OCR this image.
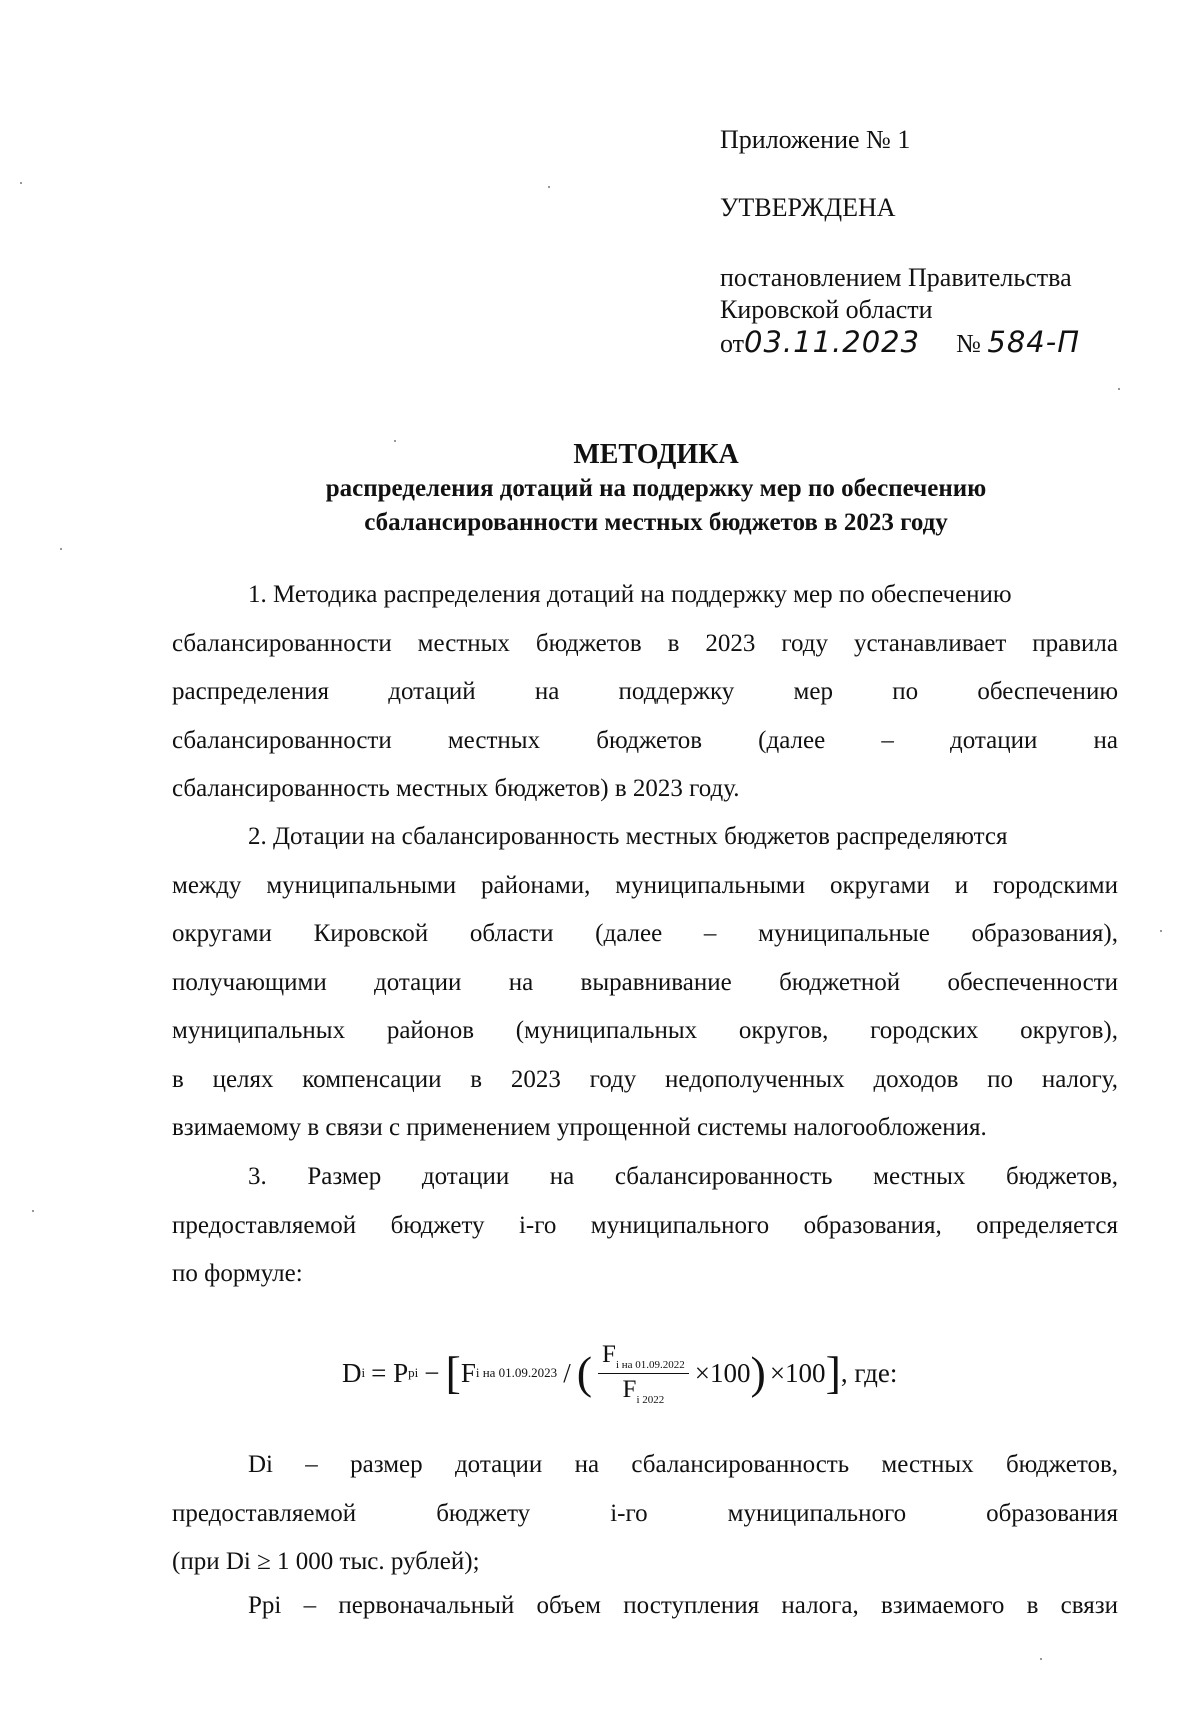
Приложение № 1
УТВЕРЖДЕНА
постановлением Правительства
Кировской области
от03.11.2023 № 584-П
МЕТОДИКА
распределения дотаций на поддержку мер по обеспечению
сбалансированности местных бюджетов в 2023 году
1. Методика распределения дотаций на поддержку мер по обеспечению
сбалансированности местных бюджетов в 2023 году устанавливает правила
распределения дотаций на поддержку мер по обеспечению
сбалансированности местных бюджетов (далее – дотации на
сбалансированность местных бюджетов) в 2023 году.
2. Дотации на сбалансированность местных бюджетов распределяются
между муниципальными районами, муниципальными округами и городскими
округами Кировской области (далее – муниципальные образования),
получающими дотации на выравнивание бюджетной обеспеченности
муниципальных районов (муниципальных округов, городских округов),
в целях компенсации в 2023 году недополученных доходов по налогу,
взимаемому в связи с применением упрощенной системы налогообложения.
3. Размер дотации на сбалансированность местных бюджетов,
предоставляемой бюджету i-го муниципального образования, определяется
по формуле:
D i = P pi − [ F i на 01.09.2023 / ( $\frac{F_{i на 01.09.2022}}{F_{i 2022}} \times 100$ ) ×100 ] , где:
Di – размер дотации на сбалансированность местных бюджетов,
предоставляемой бюджету i-го муниципального образования
(при Di ≥ 1 000 тыс. рублей);
Ppi – первоначальный объем поступления налога, взимаемого в связи
